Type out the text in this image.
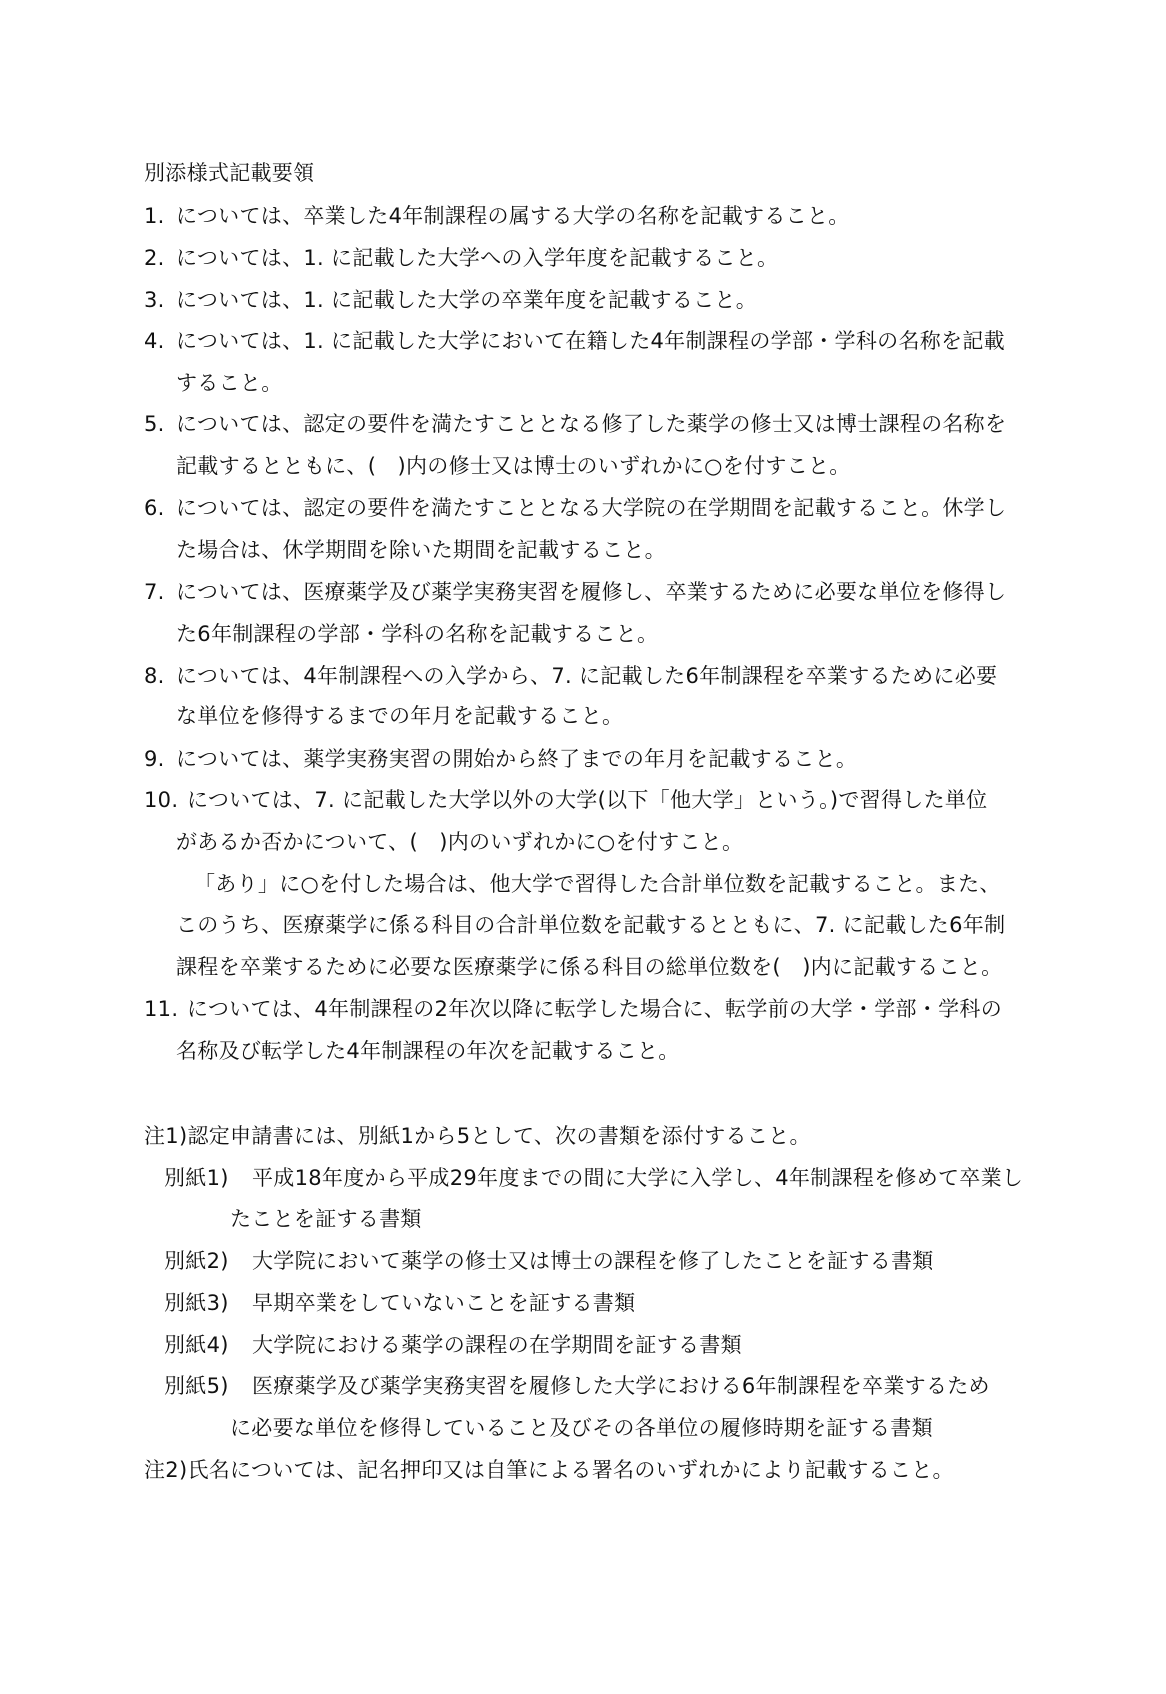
別添様式記載要領
1. については、卒業した4年制課程の属する大学の名称を記載すること。
2. については、1. に記載した大学への入学年度を記載すること。
3. については、1. に記載した大学の卒業年度を記載すること。
4. については、1. に記載した大学において在籍した4年制課程の学部・学科の名称を記載
すること。
5. については、認定の要件を満たすこととなる修了した薬学の修士又は博士課程の名称を
記載するとともに、(　)内の修士又は博士のいずれかに○を付すこと。
6. については、認定の要件を満たすこととなる大学院の在学期間を記載すること。休学し
た場合は、休学期間を除いた期間を記載すること。
7. については、医療薬学及び薬学実務実習を履修し、卒業するために必要な単位を修得し
た6年制課程の学部・学科の名称を記載すること。
8. については、4年制課程への入学から、7. に記載した6年制課程を卒業するために必要
な単位を修得するまでの年月を記載すること。
9. については、薬学実務実習の開始から終了までの年月を記載すること。
10. については、7. に記載した大学以外の大学(以下「他大学」という。)で習得した単位
があるか否かについて、(　)内のいずれかに○を付すこと。
「あり」に○を付した場合は、他大学で習得した合計単位数を記載すること。また、
このうち、医療薬学に係る科目の合計単位数を記載するとともに、7. に記載した6年制
課程を卒業するために必要な医療薬学に係る科目の総単位数を(　)内に記載すること。
11. については、4年制課程の2年次以降に転学した場合に、転学前の大学・学部・学科の
名称及び転学した4年制課程の年次を記載すること。
注1)認定申請書には、別紙1から5として、次の書類を添付すること。
別紙1) 平成18年度から平成29年度までの間に大学に入学し、4年制課程を修めて卒業し
たことを証する書類
別紙2) 大学院において薬学の修士又は博士の課程を修了したことを証する書類
別紙3) 早期卒業をしていないことを証する書類
別紙4) 大学院における薬学の課程の在学期間を証する書類
別紙5) 医療薬学及び薬学実務実習を履修した大学における6年制課程を卒業するため
に必要な単位を修得していること及びその各単位の履修時期を証する書類
注2)氏名については、記名押印又は自筆による署名のいずれかにより記載すること。
